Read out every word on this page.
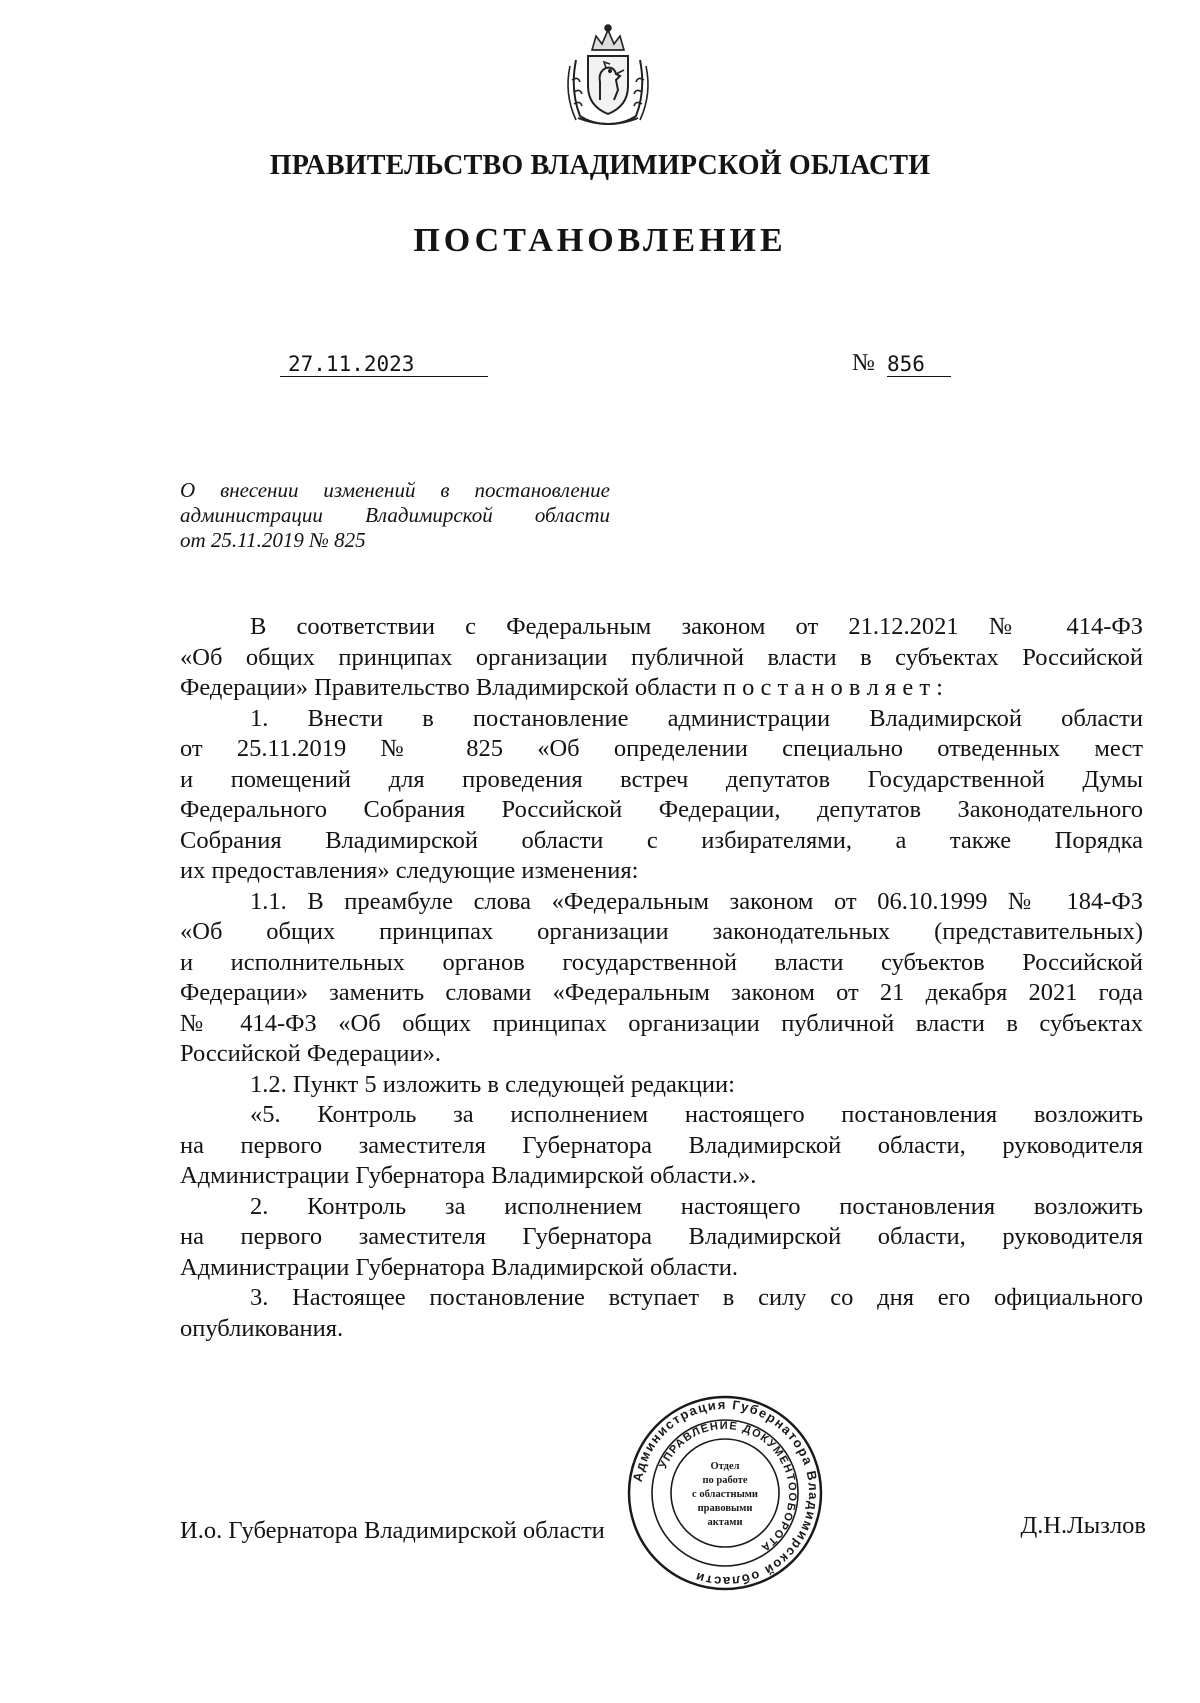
ПРАВИТЕЛЬСТВО ВЛАДИМИРСКОЙ ОБЛАСТИ
ПОСТАНОВЛЕНИЕ
27.11.2023	№ 856
О внесении изменений в постановление
администрации Владимирской области
от 25.11.2019 № 825
В соответствии с Федеральным законом от 21.12.2021 № 414-ФЗ
«Об общих принципах организации публичной власти в субъектах Российской
Федерации» Правительство Владимирской области п о с т а н о в л я е т :
1. Внести в постановление администрации Владимирской области
от 25.11.2019 № 825 «Об определении специально отведенных мест
и помещений для проведения встреч депутатов Государственной Думы
Федерального Собрания Российской Федерации, депутатов Законодательного
Собрания Владимирской области с избирателями, а также Порядка
их предоставления» следующие изменения:
1.1. В преамбуле слова «Федеральным законом от 06.10.1999 № 184-ФЗ
«Об общих принципах организации законодательных (представительных)
и исполнительных органов государственной власти субъектов Российской
Федерации» заменить словами «Федеральным законом от 21 декабря 2021 года
№ 414-ФЗ «Об общих принципах организации публичной власти в субъектах
Российской Федерации».
1.2. Пункт 5 изложить в следующей редакции:
«5. Контроль за исполнением настоящего постановления возложить
на первого заместителя Губернатора Владимирской области, руководителя
Администрации Губернатора Владимирской области.».
2. Контроль за исполнением настоящего постановления возложить
на первого заместителя Губернатора Владимирской области, руководителя
Администрации Губернатора Владимирской области.
3. Настоящее постановление вступает в силу со дня его официального
опубликования.
И.о. Губернатора Владимирской области	Д.Н.Лызлов
Администрация Губернатора Владимирской области
УПРАВЛЕНИЕ ДОКУМЕНТООБОРОТА
Отдел
по работе
с областными
правовыми
актами
